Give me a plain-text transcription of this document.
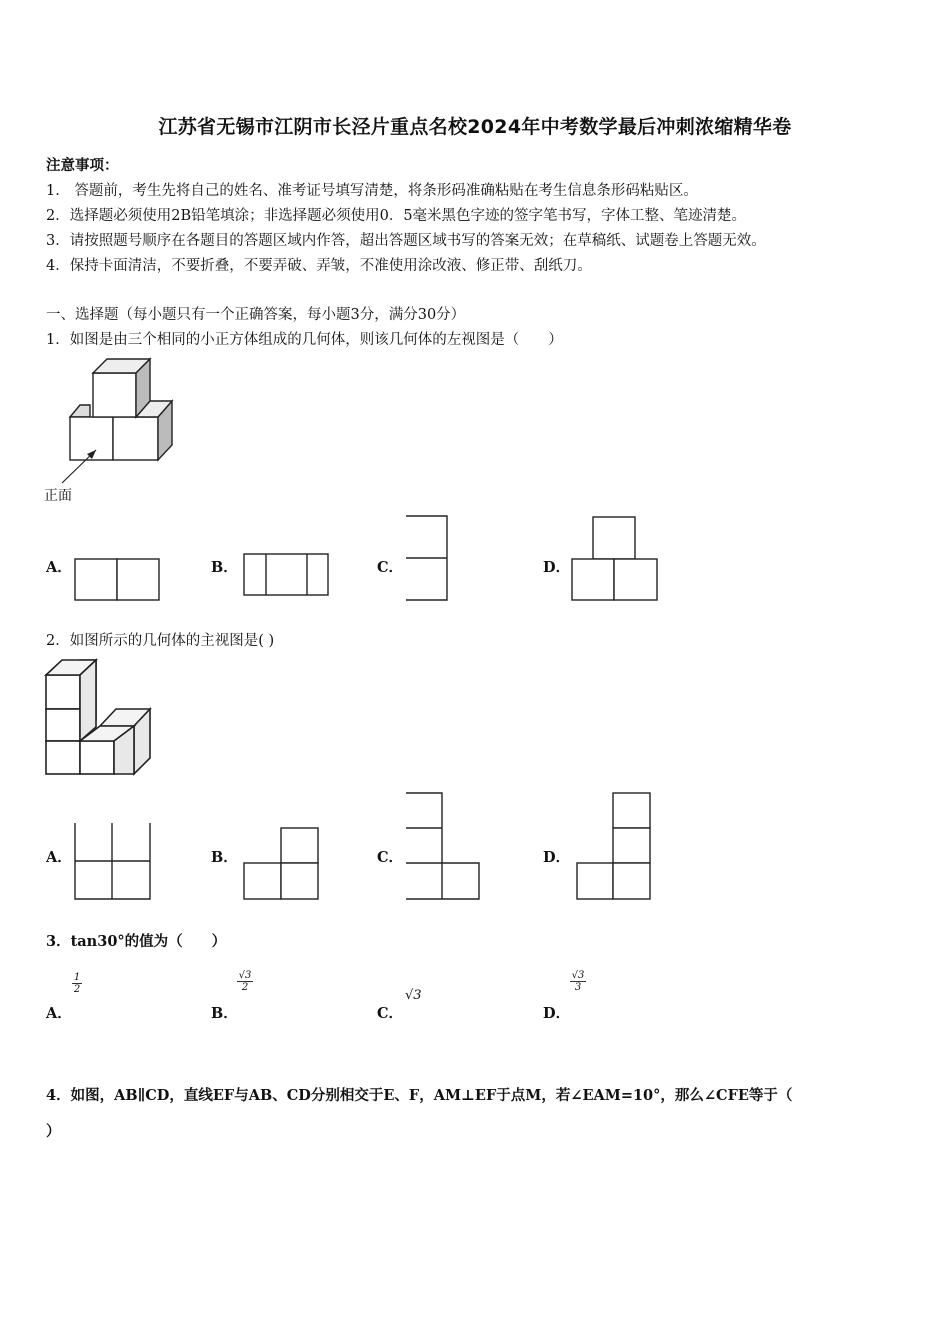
江苏省无锡市江阴市长泾片重点名校2024年中考数学最后冲刺浓缩精华卷
注意事项：
1． 答题前，考生先将自己的姓名、准考证号填写清楚，将条形码准确粘贴在考生信息条形码粘贴区。
2．选择题必须使用2B铅笔填涂；非选择题必须使用0．5毫米黑色字迹的签字笔书写，字体工整、笔迹清楚。
3．请按照题号顺序在各题目的答题区域内作答，超出答题区域书写的答案无效；在草稿纸、试题卷上答题无效。
4．保持卡面清洁，不要折叠，不要弄破、弄皱，不准使用涂改液、修正带、刮纸刀。
一、选择题（每小题只有一个正确答案，每小题3分，满分30分）
1．如图是由三个相同的小正方体组成的几何体，则该几何体的左视图是（　　）
正面
A．	B．	C．	D．
2．如图所示的几何体的主视图是( )
A．	B．	C．	D．
3．tan30°的值为（　　）
A．
$\frac{1}{2}$
B．
$\frac{√3}{2}$
C．
√3
D．
$\frac{√3}{3}$
4．如图，AB∥CD，直线EF与AB、CD分别相交于E、F，AM⊥EF于点M，若∠EAM=10°，那么∠CFE等于（
）
